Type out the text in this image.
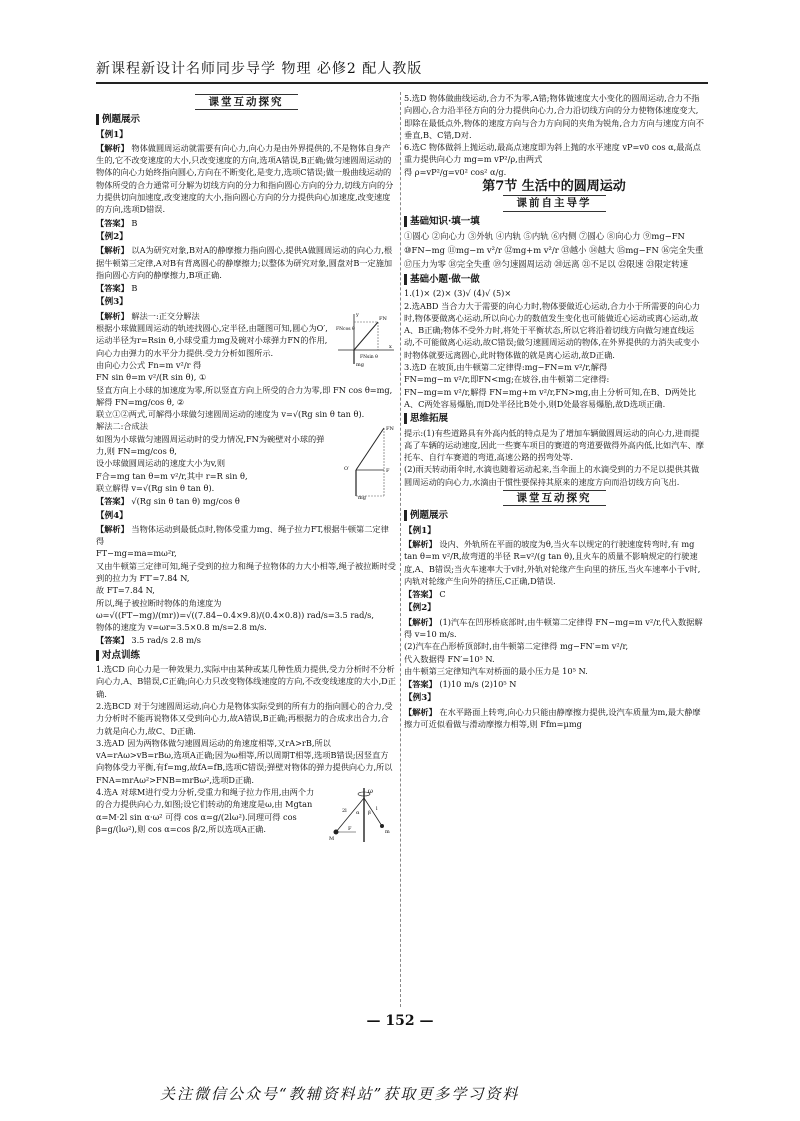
新课程新设计名师同步导学 物理 必修2 配人教版
课堂互动探究
例题展示
【例1】

【解析】 物体做圆周运动就需要有向心力,向心力是由外界提供的,不是物体自身产生的,它不改变速度的大小,只改变速度的方向,选项A错误,B正确;做匀速圆周运动的物体的向心力始终指向圆心,方向在不断变化,是变力,选项C错误;做一般曲线运动的物体所受的合力通常可分解为切线方向的分力和指向圆心方向的分力,切线方向的分力提供切向加速度,改变速度的大小,指向圆心方向的分力提供向心加速度,改变速度的方向,选项D错误.

【答案】 B

【例2】

【解析】 以A为研究对象,B对A的静摩擦力指向圆心,提供A做圆周运动的向心力,根据牛顿第三定律,A对B有背离圆心的静摩擦力;以整体为研究对象,圆盘对B一定施加指向圆心方向的静摩擦力,B项正确.

【答案】 B

【例3】
FN
FNcos θ
FNsin θ
mg
y
x

【解析】 解法一:正交分解法

根据小球做圆周运动的轨迹找圆心,定半径,由题图可知,圆心为O′,运动半径为r=Rsin θ,小球受重力mg及碗对小球弹力FN的作用,向心力由弹力的水平分力提供.受力分析如图所示.

由向心力公式 Fn=m v²/r 得

FN sin θ=m v²/(R sin θ), ①

竖直方向上小球的加速度为零,所以竖直方向上所受的合力为零,即 FN cos θ=mg,

解得 FN=mg/cos θ, ②

联立①②两式,可解得小球做匀速圆周运动的速度为 v=√(Rg sin θ tan θ).

FN
mg
O′	F

解法二:合成法

如图为小球做匀速圆周运动时的受力情况,FN为碗壁对小球的弹力,则 FN=mg/cos θ,

设小球做圆周运动的速度大小为v,则

F合=mg tan θ=m v²/r,其中 r=R sin θ,

联立解得 v=√(Rg sin θ tan θ).

【答案】 √(Rg sin θ tan θ) mg/cos θ

【例4】

【解析】 当物体运动到最低点时,物体受重力mg、绳子拉力FT,根据牛顿第二定律得

FT−mg=ma=mω²r,

又由牛顿第三定律可知,绳子受到的拉力和绳子拉物体的力大小相等,绳子被拉断时受到的拉力为 FT′=7.84 N,

故 FT=7.84 N,

所以,绳子被拉断时物体的角速度为

ω=√((FT−mg)/(mr))=√((7.84−0.4×9.8)/(0.4×0.8)) rad/s=3.5 rad/s,

物体的速度为 v=ωr=3.5×0.8 m/s=2.8 m/s.

【答案】 3.5 rad/s 2.8 m/s

对点训练

1.选CD 向心力是一种效果力,实际中由某种或某几种性质力提供,受力分析时不分析向心力,A、B错误,C正确;向心力只改变物体线速度的方向,不改变线速度的大小,D正确.

2.选BCD 对于匀速圆周运动,向心力是物体实际受到的所有力的指向圆心的合力,受力分析时不能再说物体又受到向心力,故A错误,B正确;再根据力的合成求出合力,合力就是向心力,故C、D正确.

3.选AD 因为两物体做匀速圆周运动的角速度相等,又rA>rB,所以vA=rAω>vB=rBω,选项A正确;因为ω相等,所以周期T相等,选项B错误;因竖直方向物体受力平衡,有f=mg,故fA=fB,选项C错误;弹壁对物体的弹力提供向心力,所以FNA=mrAω²>FNB=mrBω²,选项D正确.

ω
α β
2l	l
F
M
m

4.选A 对球M进行受力分析,受重力和绳子拉力作用,由两个力的合力提供向心力,如图;设它们转动的角速度是ω,由 Mgtan α=M·2l sin α·ω² 可得 cos α=g/(2lω²).同理可得 cos β=g/(lω²),则 cos α=cos β/2,所以选项A正确.

5.选D 物体做曲线运动,合力不为零,A错;物体做速度大小变化的圆周运动,合力不指向圆心,合力沿半径方向的分力提供向心力,合力沿切线方向的分力使物体速度变大,即除在最低点外,物体的速度方向与合力方向间的夹角为锐角,合力方向与速度方向不垂直,B、C错,D对.

6.选C 物体做斜上抛运动,最高点速度即为斜上抛的水平速度 vP=v0 cos α,最高点重力提供向心力 mg=m vP²/ρ,由两式

得 ρ=vP²/g=v0² cos² α/g.

第7节 生活中的圆周运动
课前自主导学
基础知识·填一填

①圆心 ②向心力 ③外轨 ④内轨 ⑤内轨 ⑥内侧 ⑦圆心 ⑧向心力 ⑨mg−FN ⑩FN−mg ⑪mg−m v²/r ⑫mg+m v²/r ⑬越小 ⑭越大 ⑮mg−FN ⑯完全失重 ⑰压力为零 ⑱完全失重 ⑲匀速圆周运动 ⑳远离 ㉑不足以 ㉒限速 ㉓限定转速

基础小题·做一做

1.(1)× (2)× (3)√ (4)√ (5)×

2.选ABD 当合力大于需要的向心力时,物体要做近心运动,合力小于所需要的向心力时,物体要做离心运动,所以向心力的数值发生变化也可能做近心运动或离心运动,故A、B正确;物体不受外力时,将处于平衡状态,所以它将沿着切线方向做匀速直线运动,不可能做离心运动,故C错误;做匀速圆周运动的物体,在外界提供的力消失或变小时物体就要远离圆心,此时物体做的就是离心运动,故D正确.

3.选D 在坡顶,由牛顿第二定律得:mg−FN=m v²/r,解得

FN=mg−m v²/r,即FN<mg;在坡谷,由牛顿第二定律得:

FN−mg=m v²/r,解得 FN=mg+m v²/r,FN>mg,由上分析可知,在B、D两处比A、C两处容易爆胎,而D处半径比B处小,则D处最容易爆胎,故D选项正确.

思维拓展

提示:(1)有些道路具有外高内低的特点是为了增加车辆做圆周运动的向心力,进而提高了车辆的运动速度,因此一些赛车项目的赛道的弯道要做得外高内低,比如汽车、摩托车、自行车赛道的弯道,高速公路的拐弯处等.

(2)雨天转动雨伞时,水滴也随着运动起来,当伞面上的水滴受到的力不足以提供其做圆周运动的向心力,水滴由于惯性要保持其原来的速度方向而沿切线方向飞出.

课堂互动探究
例题展示
【例1】

【解析】 设内、外轨所在平面的坡度为θ,当火车以规定的行驶速度转弯时,有 mg tan θ=m v²/R,故弯道的半径 R=v²/(g tan θ),且火车的质量不影响规定的行驶速度,A、B错误;当火车速率大于v时,外轨对轮缘产生向里的挤压,当火车速率小于v时,内轨对轮缘产生向外的挤压,C正确,D错误.

【答案】 C

【例2】

【解析】 (1)汽车在凹形桥底部时,由牛顿第二定律得 FN−mg=m v²/r,代入数据解得 v=10 m/s.

(2)汽车在凸形桥顶部时,由牛顿第二定律得 mg−FN′=m v²/r,

代入数据得 FN′=10⁵ N.

由牛顿第三定律知汽车对桥面的最小压力是 10⁵ N.

【答案】 (1)10 m/s (2)10⁵ N

【例3】

【解析】 在水平路面上转弯,向心力只能由静摩擦力提供,设汽车质量为m,最大静摩擦力可近似看做与滑动摩擦力相等,则 Ffm=μmg

— 152 —
关注微信公众号“教辅资料站”获取更多学习资料
